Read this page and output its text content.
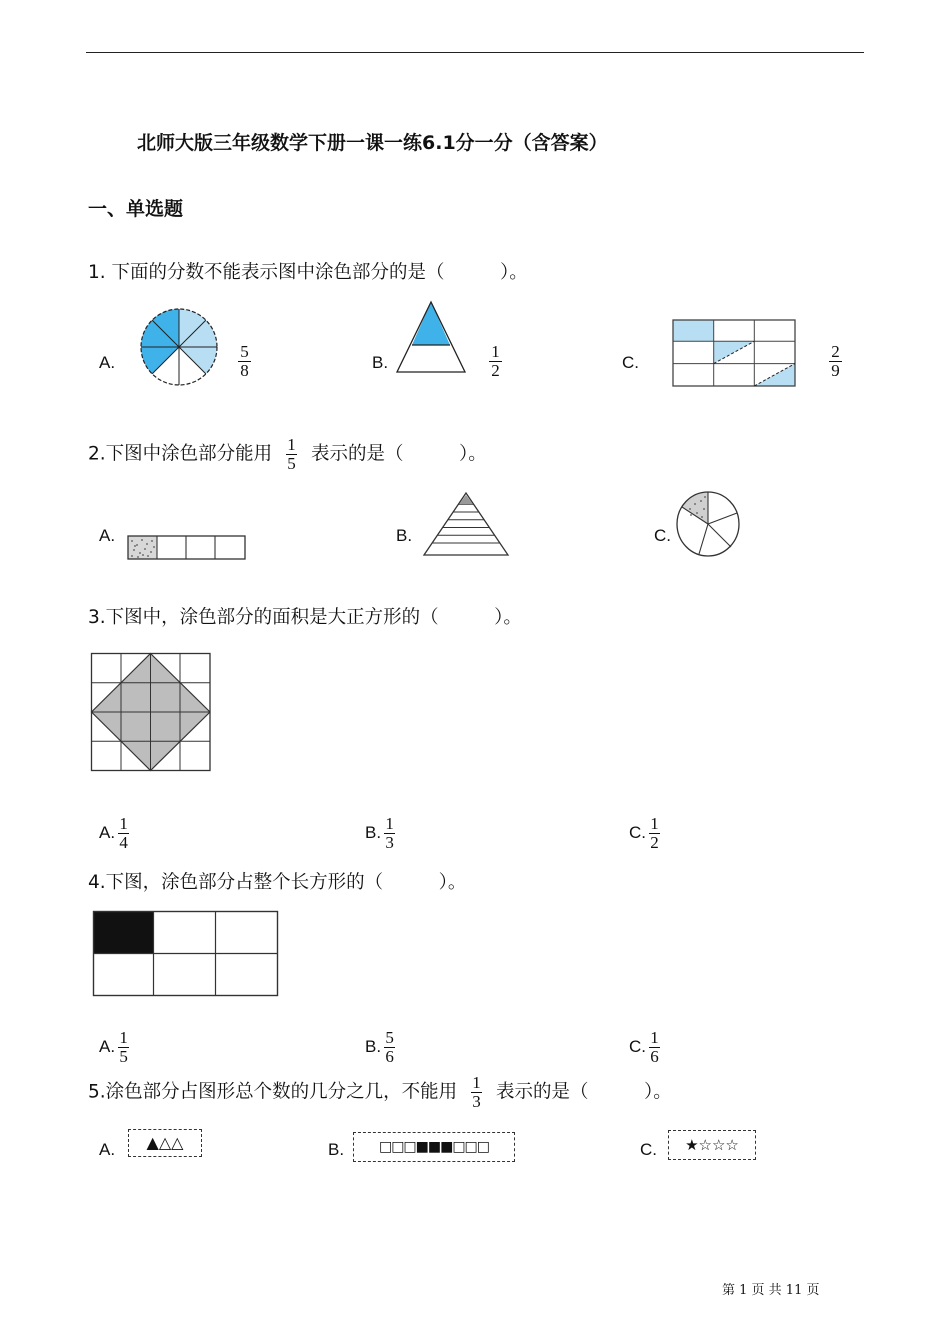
北师大版三年级数学下册一课一练6.1分一分（含答案）
一、单选题
1. 下面的分数不能表示图中涂色部分的是（　　　）。
A.
5
8	B.
1
2	C.
2
9
2.下图中涂色部分能用 $\frac{1}{5}$ 表示的是（　　　）。
A.	B.	C.
3.下图中，涂色部分的面积是大正方形的（　　　）。
A. $\frac{1}{4}$	B. $\frac{1}{3}$	C. $\frac{1}{2}$
4.下图，涂色部分占整个长方形的（　　　）。
A. $\frac{1}{5}$	B. $\frac{5}{6}$	C. $\frac{1}{6}$
5.涂色部分占图形总个数的几分之几，不能用 $\frac{1}{3}$ 表示的是（　　　）。
A.	▲△△	B.	□□□■■■□□□	C.	★☆☆☆
第 1 页 共 11 页
